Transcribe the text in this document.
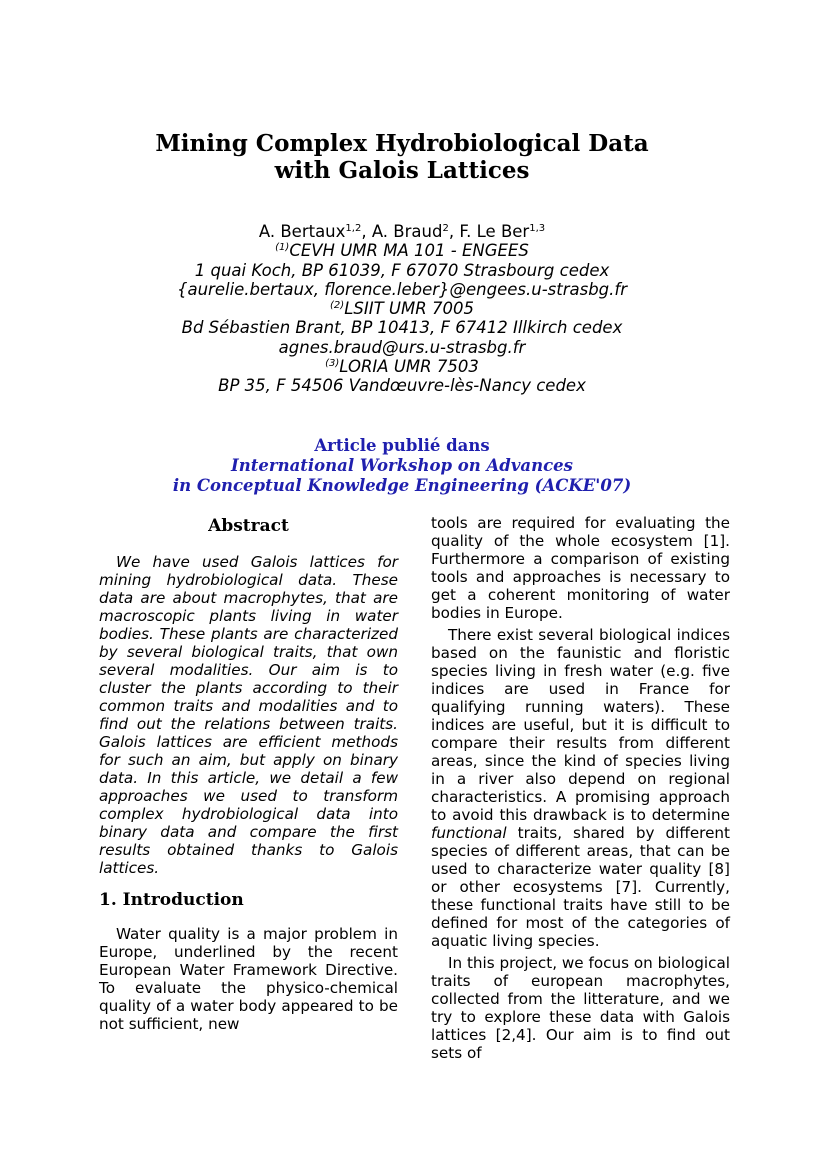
Mining Complex Hydrobiological Data
with Galois Lattices
A. Bertaux$^{1,2}$, A. Braud$^2$, F. Le Ber$^{1,3}$
$^{(1)}$CEVH UMR MA 101 - ENGEES
1 quai Koch, BP 61039, F 67070 Strasbourg cedex
{aurelie.bertaux, florence.leber}@engees.u-strasbg.fr
$^{(2)}$LSIIT UMR 7005
Bd Sébastien Brant, BP 10413, F 67412 Illkirch cedex
agnes.braud@urs.u-strasbg.fr
$^{(3)}$LORIA UMR 7503
BP 35, F 54506 Vandœuvre-lès-Nancy cedex
Article publié dans
International Workshop on Advances
in Conceptual Knowledge Engineering (ACKE'07)
Abstract

We have used Galois lattices for mining hydrobiological data. These data are about macrophytes, that are macroscopic plants living in water bodies. These plants are characterized by several biological traits, that own several modalities. Our aim is to cluster the plants according to their common traits and modalities and to find out the relations between traits. Galois lattices are efficient methods for such an aim, but apply on binary data. In this article, we detail a few approaches we used to transform complex hydrobiological data into binary data and compare the first results obtained thanks to Galois lattices.

1. Introduction

Water quality is a major problem in Europe, underlined by the recent European Water Framework Directive. To evaluate the physico-chemical quality of a water body appeared to be not sufficient, new

tools are required for evaluating the quality of the whole ecosystem [1]. Furthermore a comparison of existing tools and approaches is necessary to get a coherent monitoring of water bodies in Europe.

There exist several biological indices based on the faunistic and floristic species living in fresh water (e.g. five indices are used in France for qualifying running waters). These indices are useful, but it is difficult to compare their results from different areas, since the kind of species living in a river also depend on regional characteristics. A promising approach to avoid this drawback is to determine functional traits, shared by different species of different areas, that can be used to characterize water quality [8] or other ecosystems [7]. Currently, these functional traits have still to be defined for most of the categories of aquatic living species.

In this project, we focus on biological traits of european macrophytes, collected from the litterature, and we try to explore these data with Galois lattices [2,4]. Our aim is to find out sets of
